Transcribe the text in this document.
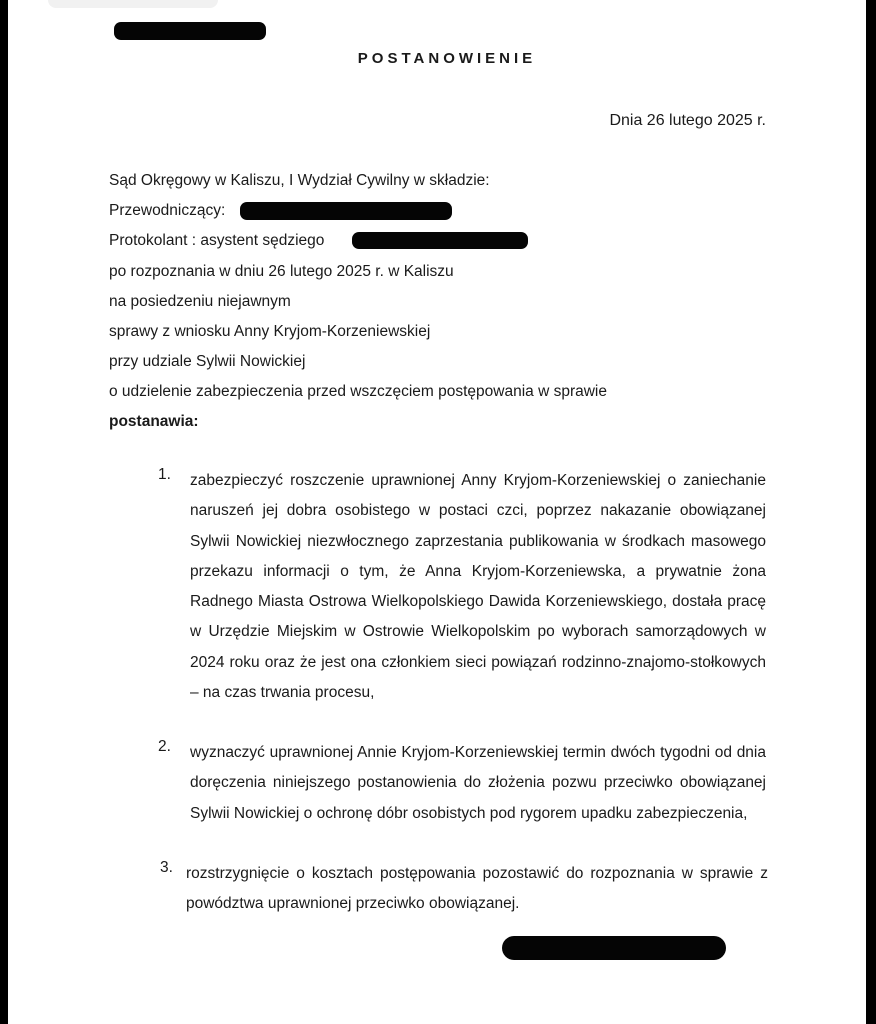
POSTANOWIENIE
Dnia 26 lutego 2025 r.
Sąd Okręgowy w Kaliszu, I Wydział Cywilny w składzie:
Przewodniczący:
Protokolant : asystent sędziego
po rozpoznania w dniu 26 lutego 2025 r. w Kaliszu
na posiedzeniu niejawnym
sprawy z wniosku Anny Kryjom-Korzeniewskiej
przy udziale Sylwii Nowickiej
o udzielenie zabezpieczenia przed wszczęciem postępowania w sprawie
postanawia:
1. zabezpieczyć roszczenie uprawnionej Anny Kryjom-Korzeniewskiej o zaniechanie naruszeń jej dobra osobistego w postaci czci, poprzez nakazanie obowiązanej Sylwii Nowickiej niezwłocznego zaprzestania publikowania w środkach masowego przekazu informacji o tym, że Anna Kryjom-Korzeniewska, a prywatnie żona Radnego Miasta Ostrowa Wielkopolskiego Dawida Korzeniewskiego, dostała pracę w Urzędzie Miejskim w Ostrowie Wielkopolskim po wyborach samorządowych w 2024 roku oraz że jest ona członkiem sieci powiązań rodzinno-znajomo-stołkowych – na czas trwania procesu,
2. wyznaczyć uprawnionej Annie Kryjom-Korzeniewskiej termin dwóch tygodni od dnia doręczenia niniejszego postanowienia do złożenia pozwu przeciwko obowiązanej Sylwii Nowickiej o ochronę dóbr osobistych pod rygorem upadku zabezpieczenia,
3. rozstrzygnięcie o kosztach postępowania pozostawić do rozpoznania w sprawie z powództwa uprawnionej przeciwko obowiązanej.
